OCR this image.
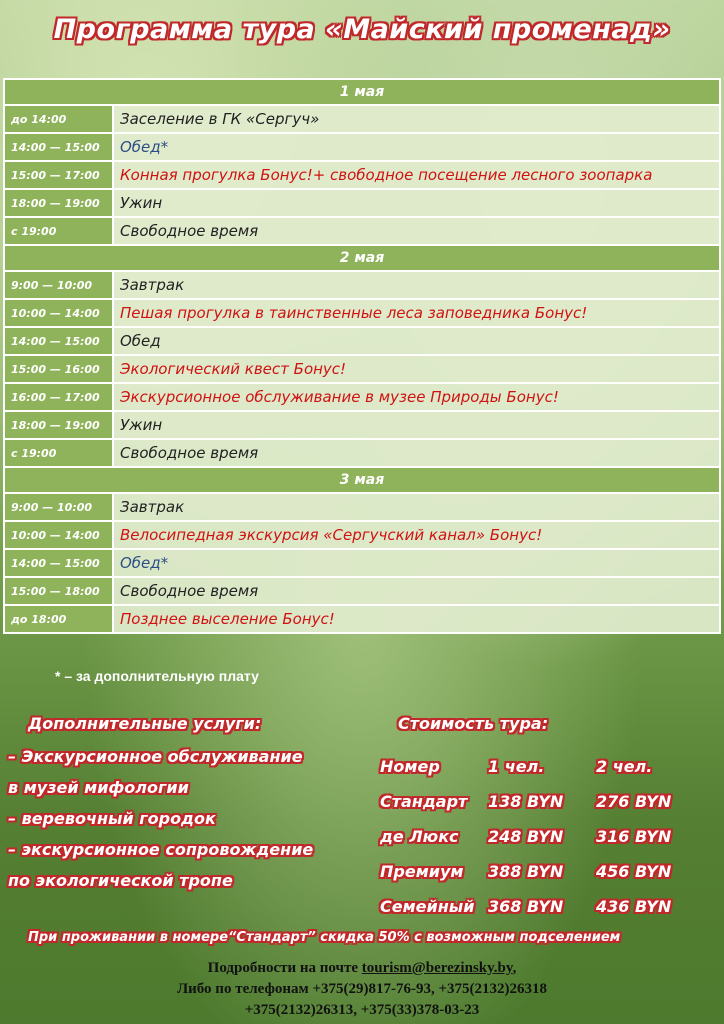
Программа тура «Майский променад»
1 мая	
до 14:00	Заселение в ГК «Сергуч»
14:00 — 15:00	Обед*
15:00 — 17:00	Конная прогулка Бонус!+ свободное посещение лесного зоопарка
18:00 — 19:00	Ужин
с 19:00	Свободное время
2 мая	
9:00 — 10:00	Завтрак
10:00 — 14:00	Пешая прогулка в таинственные леса заповедника Бонус!
14:00 — 15:00	Обед
15:00 — 16:00	Экологический квест Бонус!
16:00 — 17:00	Экскурсионное обслуживание в музее Природы Бонус!
18:00 — 19:00	Ужин
с 19:00	Свободное время
3 мая	
9:00 — 10:00	Завтрак
10:00 — 14:00	Велосипедная экскурсия «Сергучский канал» Бонус!
14:00 — 15:00	Обед*
15:00 — 18:00	Свободное время
до 18:00	Позднее выселение Бонус!
* – за дополнительную плату
Дополнительные услуги:
– Экскурсионное обслуживание
в музей мифологии
– веревочный городок
– экскурсионное сопровождение
по экологической тропе
Стоимость тура:
Номер	1 чел.	2 чел.
Стандарт	138 BYN	276 BYN
де Люкс	248 BYN	316 BYN
Премиум	388 BYN	456 BYN
Семейный	368 BYN	436 BYN
При проживании в номере“Стандарт” скидка 50% с возможным подселением
Подробности на почте tourism@berezinsky.by,
Либо по телефонам +375(29)817-76-93, +375(2132)26318
+375(2132)26313, +375(33)378-03-23
